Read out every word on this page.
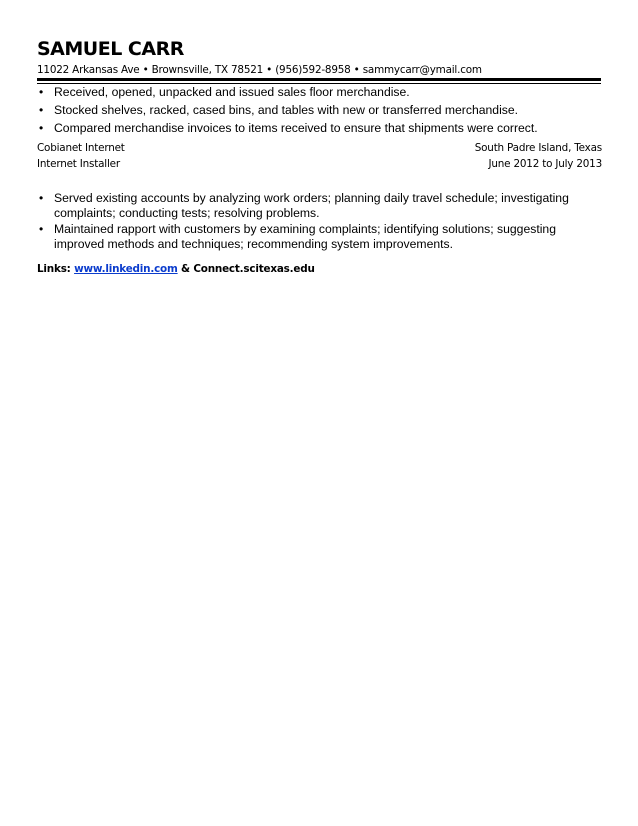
SAMUEL CARR
11022 Arkansas Ave • Brownsville, TX 78521 • (956)592-8958 • sammycarr@ymail.com
• Received, opened, unpacked and issued sales floor merchandise.
• Stocked shelves, racked, cased bins, and tables with new or transferred merchandise.
• Compared merchandise invoices to items received to ensure that shipments were correct.
Cobianet Internet	South Padre Island, Texas
Internet Installer	June 2012 to July 2013
• Served existing accounts by analyzing work orders; planning daily travel schedule; investigating complaints; conducting tests; resolving problems.
• Maintained rapport with customers by examining complaints; identifying solutions; suggesting improved methods and techniques; recommending system improvements.
Links: www.linkedin.com & Connect.scitexas.edu
